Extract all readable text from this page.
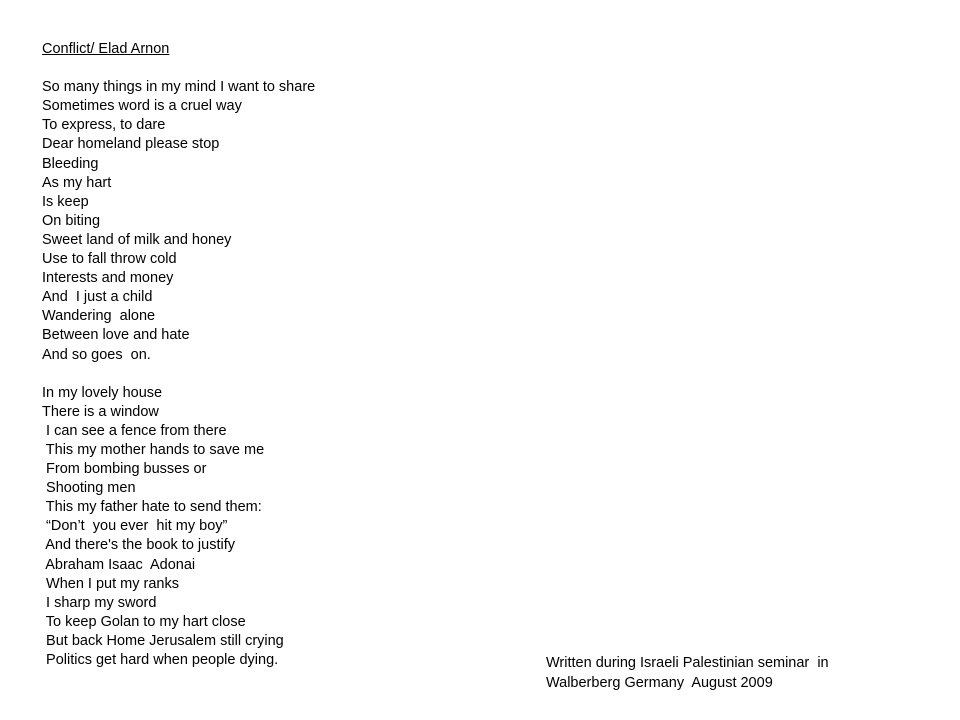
Conflict/ Elad Arnon
So many things in my mind I want to share
Sometimes word is a cruel way
To express, to dare
Dear homeland please stop
Bleeding
As my hart
Is keep
On biting
Sweet land of milk and honey
Use to fall throw cold
Interests and money
And  I just a child
Wandering  alone
Between love and hate
And so goes  on.
In my lovely house
There is a window
I can see a fence from there
This my mother hands to save me
From bombing busses or
Shooting men
This my father hate to send them:
“Don’t  you ever  hit my boy”
And there's the book to justify
Abraham Isaac  Adonai
When I put my ranks
I sharp my sword
To keep Golan to my hart close
But back Home Jerusalem still crying
Politics get hard when people dying.	Written during Israeli Palestinian seminar  in
Walberberg Germany  August 2009
